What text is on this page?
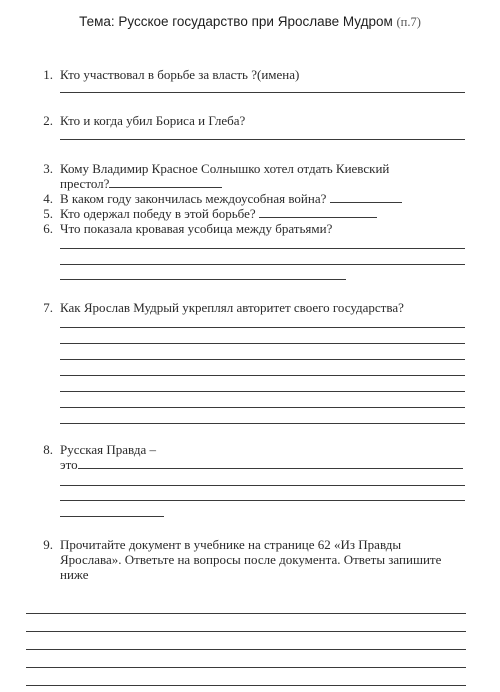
Тема: Русское государство при Ярославе Мудром (п.7)
1. Кто участвовал в борьбе за власть ?(имена)
2. Кто и когда убил Бориса и Глеба?
3. Кому Владимир Красное Солнышко хотел отдать Киевский
престол?
4. В каком году закончилась междоусобная война?
5. Кто одержал победу в этой борьбе?
6. Что показала кровавая усобица между братьями?
7. Как Ярослав Мудрый укреплял авторитет своего государства?
8. Русская Правда –
это
9. Прочитайте документ в учебнике на странице 62 «Из Правды
Ярослава». Ответьте на вопросы после документа. Ответы запишите
ниже
